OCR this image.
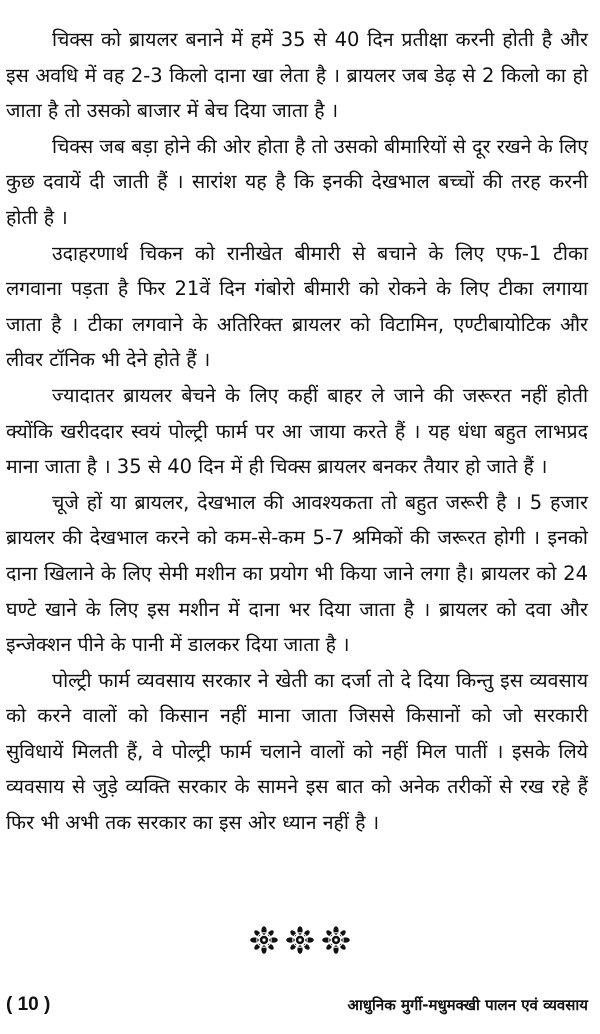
चिक्स को ब्रायलर बनाने में हमें 35 से 40 दिन प्रतीक्षा करनी होती है और इस अवधि में वह 2-3 किलो दाना खा लेता है । ब्रायलर जब डेढ़ से 2 किलो का हो जाता है तो उसको बाजार में बेच दिया जाता है ।

चिक्स जब बड़ा होने की ओर होता है तो उसको बीमारियों से दूर रखने के लिए कुछ दवायें दी जाती हैं । सारांश यह है कि इनकी देखभाल बच्चों की तरह करनी होती है ।

उदाहरणार्थ चिकन को रानीखेत बीमारी से बचाने के लिए एफ-1 टीका लगवाना पड़ता है फिर 21वें दिन गंबोरो बीमारी को रोकने के लिए टीका लगाया जाता है । टीका लगवाने के अतिरिक्त ब्रायलर को विटामिन, एण्टीबायोटिक और लीवर टॉनिक भी देने होते हैं ।

ज्यादातर ब्रायलर बेचने के लिए कहीं बाहर ले जाने की जरूरत नहीं होती क्योंकि खरीददार स्वयं पोल्ट्री फार्म पर आ जाया करते हैं । यह धंधा बहुत लाभप्रद माना जाता है । 35 से 40 दिन में ही चिक्स ब्रायलर बनकर तैयार हो जाते हैं ।

चूजे हों या ब्रायलर, देखभाल की आवश्यकता तो बहुत जरूरी है । 5 हजार ब्रायलर की देखभाल करने को कम-से-कम 5-7 श्रमिकों की जरूरत होगी । इनको दाना खिलाने के लिए सेमी मशीन का प्रयोग भी किया जाने लगा है। ब्रायलर को 24 घण्टे खाने के लिए इस मशीन में दाना भर दिया जाता है । ब्रायलर को दवा और इन्जेक्शन पीने के पानी में डालकर दिया जाता है ।

पोल्ट्री फार्म व्यवसाय सरकार ने खेती का दर्जा तो दे दिया किन्तु इस व्यवसाय को करने वालों को किसान नहीं माना जाता जिससे किसानों को जो सरकारी सुविधायें मिलती हैं, वे पोल्ट्री फार्म चलाने वालों को नहीं मिल पातीं । इसके लिये व्यवसाय से जुड़े व्यक्ति सरकार के सामने इस बात को अनेक तरीकों से रख रहे हैं फिर भी अभी तक सरकार का इस ओर ध्यान नहीं है ।

( 10 )	आधुनिक मुर्गी-मधुमक्खी पालन एवं व्यवसाय
